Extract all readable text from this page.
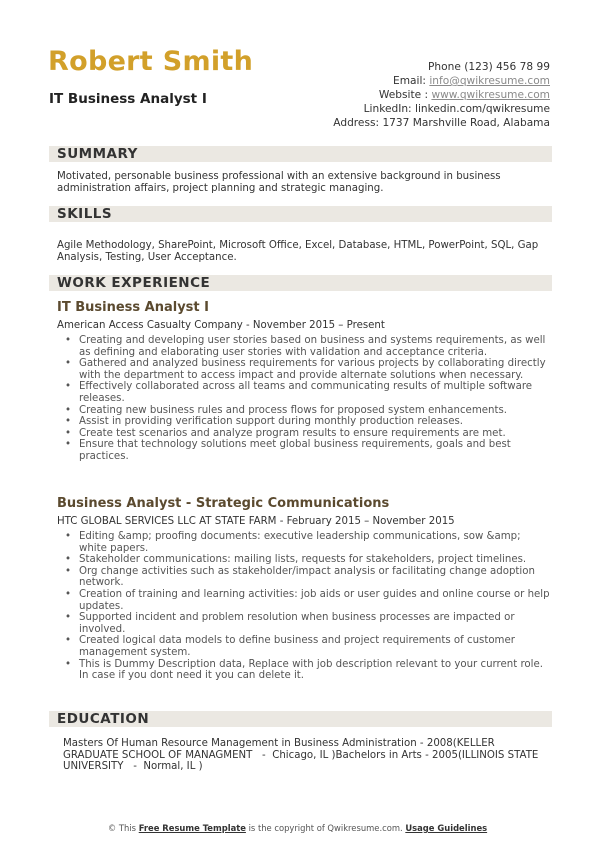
Robert Smith
IT Business Analyst I
Phone (123) 456 78 99
Email: info@qwikresume.com
Website : www.qwikresume.com
LinkedIn: linkedin.com/qwikresume
Address: 1737 Marshville Road, Alabama
SUMMARY
Motivated, personable business professional with an extensive background in business administration affairs, project planning and strategic managing.
SKILLS
Agile Methodology, SharePoint, Microsoft Office, Excel, Database, HTML, PowerPoint, SQL, Gap Analysis, Testing, User Acceptance.
WORK EXPERIENCE
IT Business Analyst I
American Access Casualty Company - November 2015 – Present
• Creating and developing user stories based on business and systems requirements, as well as defining and elaborating user stories with validation and acceptance criteria.
• Gathered and analyzed business requirements for various projects by collaborating directly with the department to access impact and provide alternate solutions when necessary.
• Effectively collaborated across all teams and communicating results of multiple software releases.
• Creating new business rules and process flows for proposed system enhancements.
• Assist in providing verification support during monthly production releases.
• Create test scenarios and analyze program results to ensure requirements are met.
• Ensure that technology solutions meet global business requirements, goals and best practices.
Business Analyst - Strategic Communications
HTC GLOBAL SERVICES LLC AT STATE FARM - February 2015 – November 2015
• Editing &amp; proofing documents: executive leadership communications, sow &amp; white papers.
• Stakeholder communications: mailing lists, requests for stakeholders, project timelines.
• Org change activities such as stakeholder/impact analysis or facilitating change adoption network.
• Creation of training and learning activities: job aids or user guides and online course or help updates.
• Supported incident and problem resolution when business processes are impacted or involved.
• Created logical data models to define business and project requirements of customer management system.
• This is Dummy Description data, Replace with job description relevant to your current role. In case if you dont need it you can delete it.
EDUCATION
Masters Of Human Resource Management in Business Administration - 2008(KELLER GRADUATE SCHOOL OF MANAGMENT   -  Chicago, IL )Bachelors in Arts - 2005(ILLINOIS STATE UNIVERSITY   -  Normal, IL )
© This Free Resume Template is the copyright of Qwikresume.com. Usage Guidelines
